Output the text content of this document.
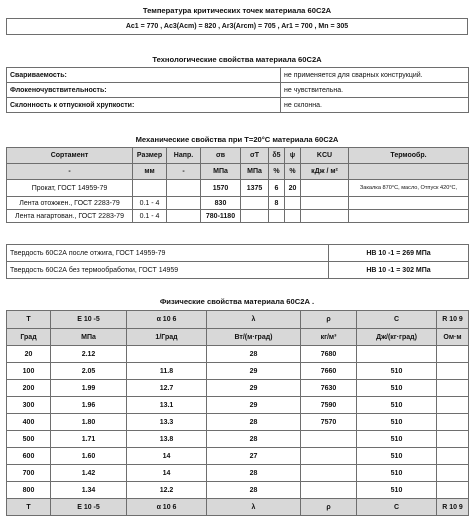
Температура критических точек материала 60С2А
Ac1 = 770 , Ac3(Acm) = 820 , Ar3(Arcm) = 705 , Ar1 = 700 , Mn = 305
Технологические свойства материала 60С2А
Свариваемость:	не применяется для сварных конструкций.
Флокеночувствительность:	не чувствительна.
Склонность к отпускной хрупкости:	не склонна.
Механические свойства при Т=20°С материала 60С2А
Сортамент	Размер	Напр.	σв	σT	δ5	ψ	KCU	Термообр.
-	мм	-	МПа	МПа	%	%	кДж / м²	
Прокат, ГОСТ 14959-79			1570	1375	6	20		Закалка 870°С, масло, Отпуск 420°С,
Лента отожжен., ГОСТ 2283-79	0.1 - 4		830		8			
Лента нагартован., ГОСТ 2283-79	0.1 - 4		780-1180					
Твердость 60С2А после отжига, ГОСТ 14959-79	HB 10 -1 = 269 МПа
Твердость 60С2А без термообработки, ГОСТ 14959	HB 10 -1 = 302 МПа
Физические свойства материала 60С2А .
T	E 10 -5	α 10 6	λ	ρ	C	R 10 9
Град	МПа	1/Град	Вт/(м·град)	кг/м³	Дж/(кг·град)	Ом·м
20	2.12		28	7680		
100	2.05	11.8	29	7660	510	
200	1.99	12.7	29	7630	510	
300	1.96	13.1	29	7590	510	
400	1.80	13.3	28	7570	510	
500	1.71	13.8	28		510	
600	1.60	14	27		510	
700	1.42	14	28		510	
800	1.34	12.2	28		510	
T	E 10 -5	α 10 6	λ	ρ	C	R 10 9
